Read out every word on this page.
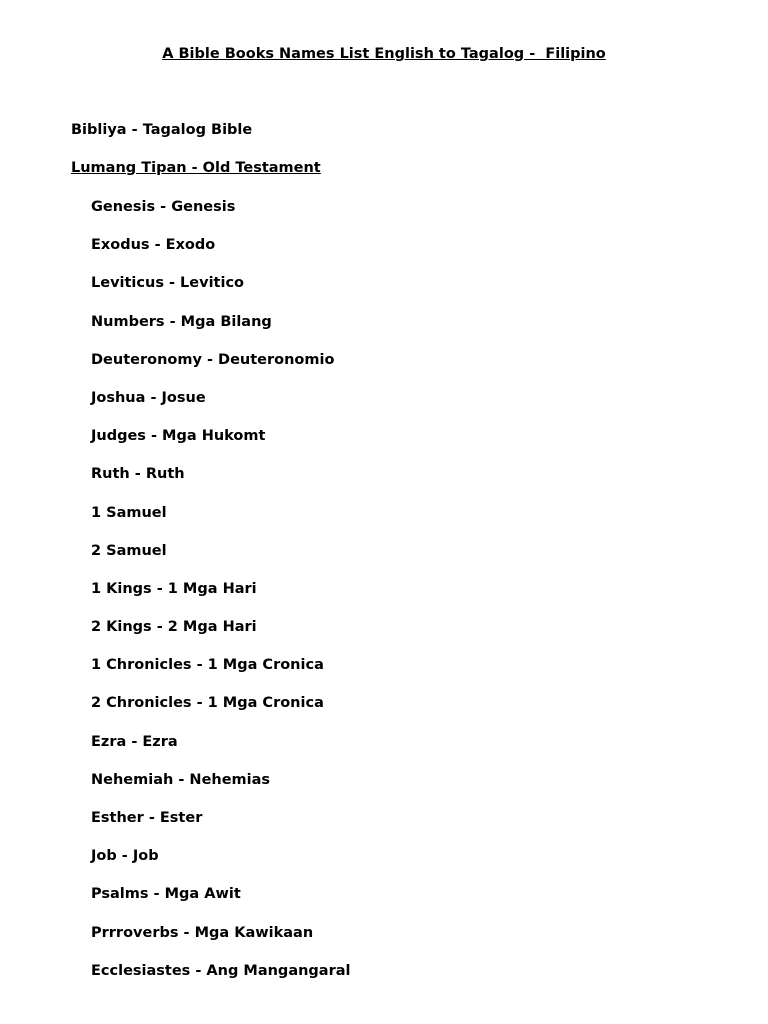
A Bible Books Names List English to Tagalog -  Filipino
Bibliya - Tagalog Bible
Lumang Tipan - Old Testament
Genesis - Genesis
Exodus - Exodo
Leviticus - Levitico
Numbers - Mga Bilang
Deuteronomy - Deuteronomio
Joshua - Josue
Judges - Mga Hukomt
Ruth - Ruth
1 Samuel
2 Samuel
1 Kings - 1 Mga Hari
2 Kings - 2 Mga Hari
1 Chronicles - 1 Mga Cronica
2 Chronicles - 1 Mga Cronica
Ezra - Ezra
Nehemiah - Nehemias
Esther - Ester
Job - Job
Psalms - Mga Awit
Prrroverbs - Mga Kawikaan
Ecclesiastes - Ang Mangangaral
